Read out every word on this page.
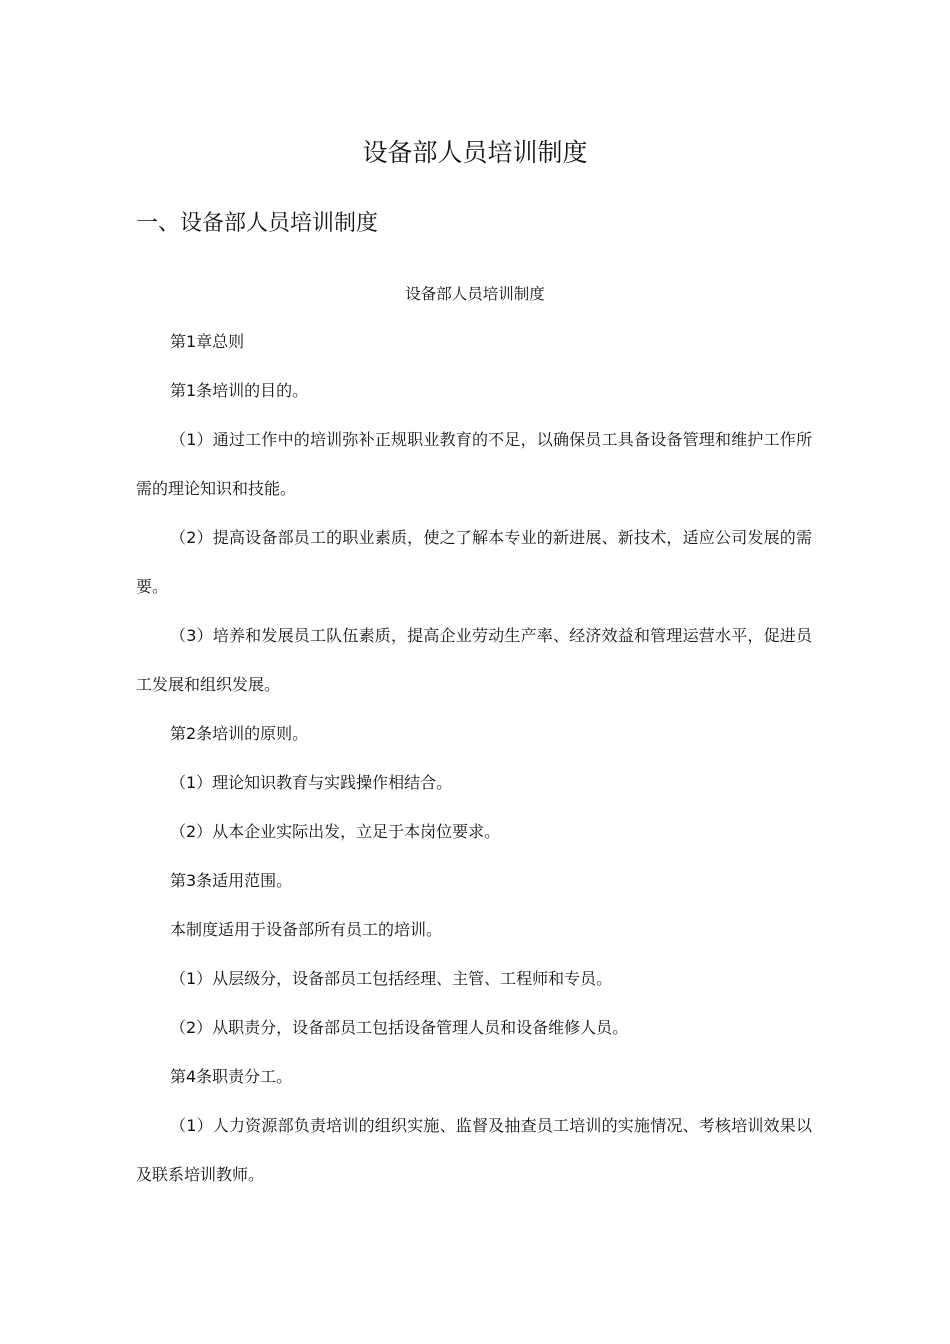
设备部人员培训制度
一、设备部人员培训制度
设备部人员培训制度

第1章总则

第1条培训的目的。

（1）通过工作中的培训弥补正规职业教育的不足，以确保员工具备设备管理和维护工作所需的理论知识和技能。

（2）提高设备部员工的职业素质，使之了解本专业的新进展、新技术，适应公司发展的需要。

（3）培养和发展员工队伍素质，提高企业劳动生产率、经济效益和管理运营水平，促进员工发展和组织发展。

第2条培训的原则。

（1）理论知识教育与实践操作相结合。

（2）从本企业实际出发，立足于本岗位要求。

第3条适用范围。

本制度适用于设备部所有员工的培训。

（1）从层级分，设备部员工包括经理、主管、工程师和专员。

（2）从职责分，设备部员工包括设备管理人员和设备维修人员。

第4条职责分工。

（1）人力资源部负责培训的组织实施、监督及抽查员工培训的实施情况、考核培训效果以及联系培训教师。
